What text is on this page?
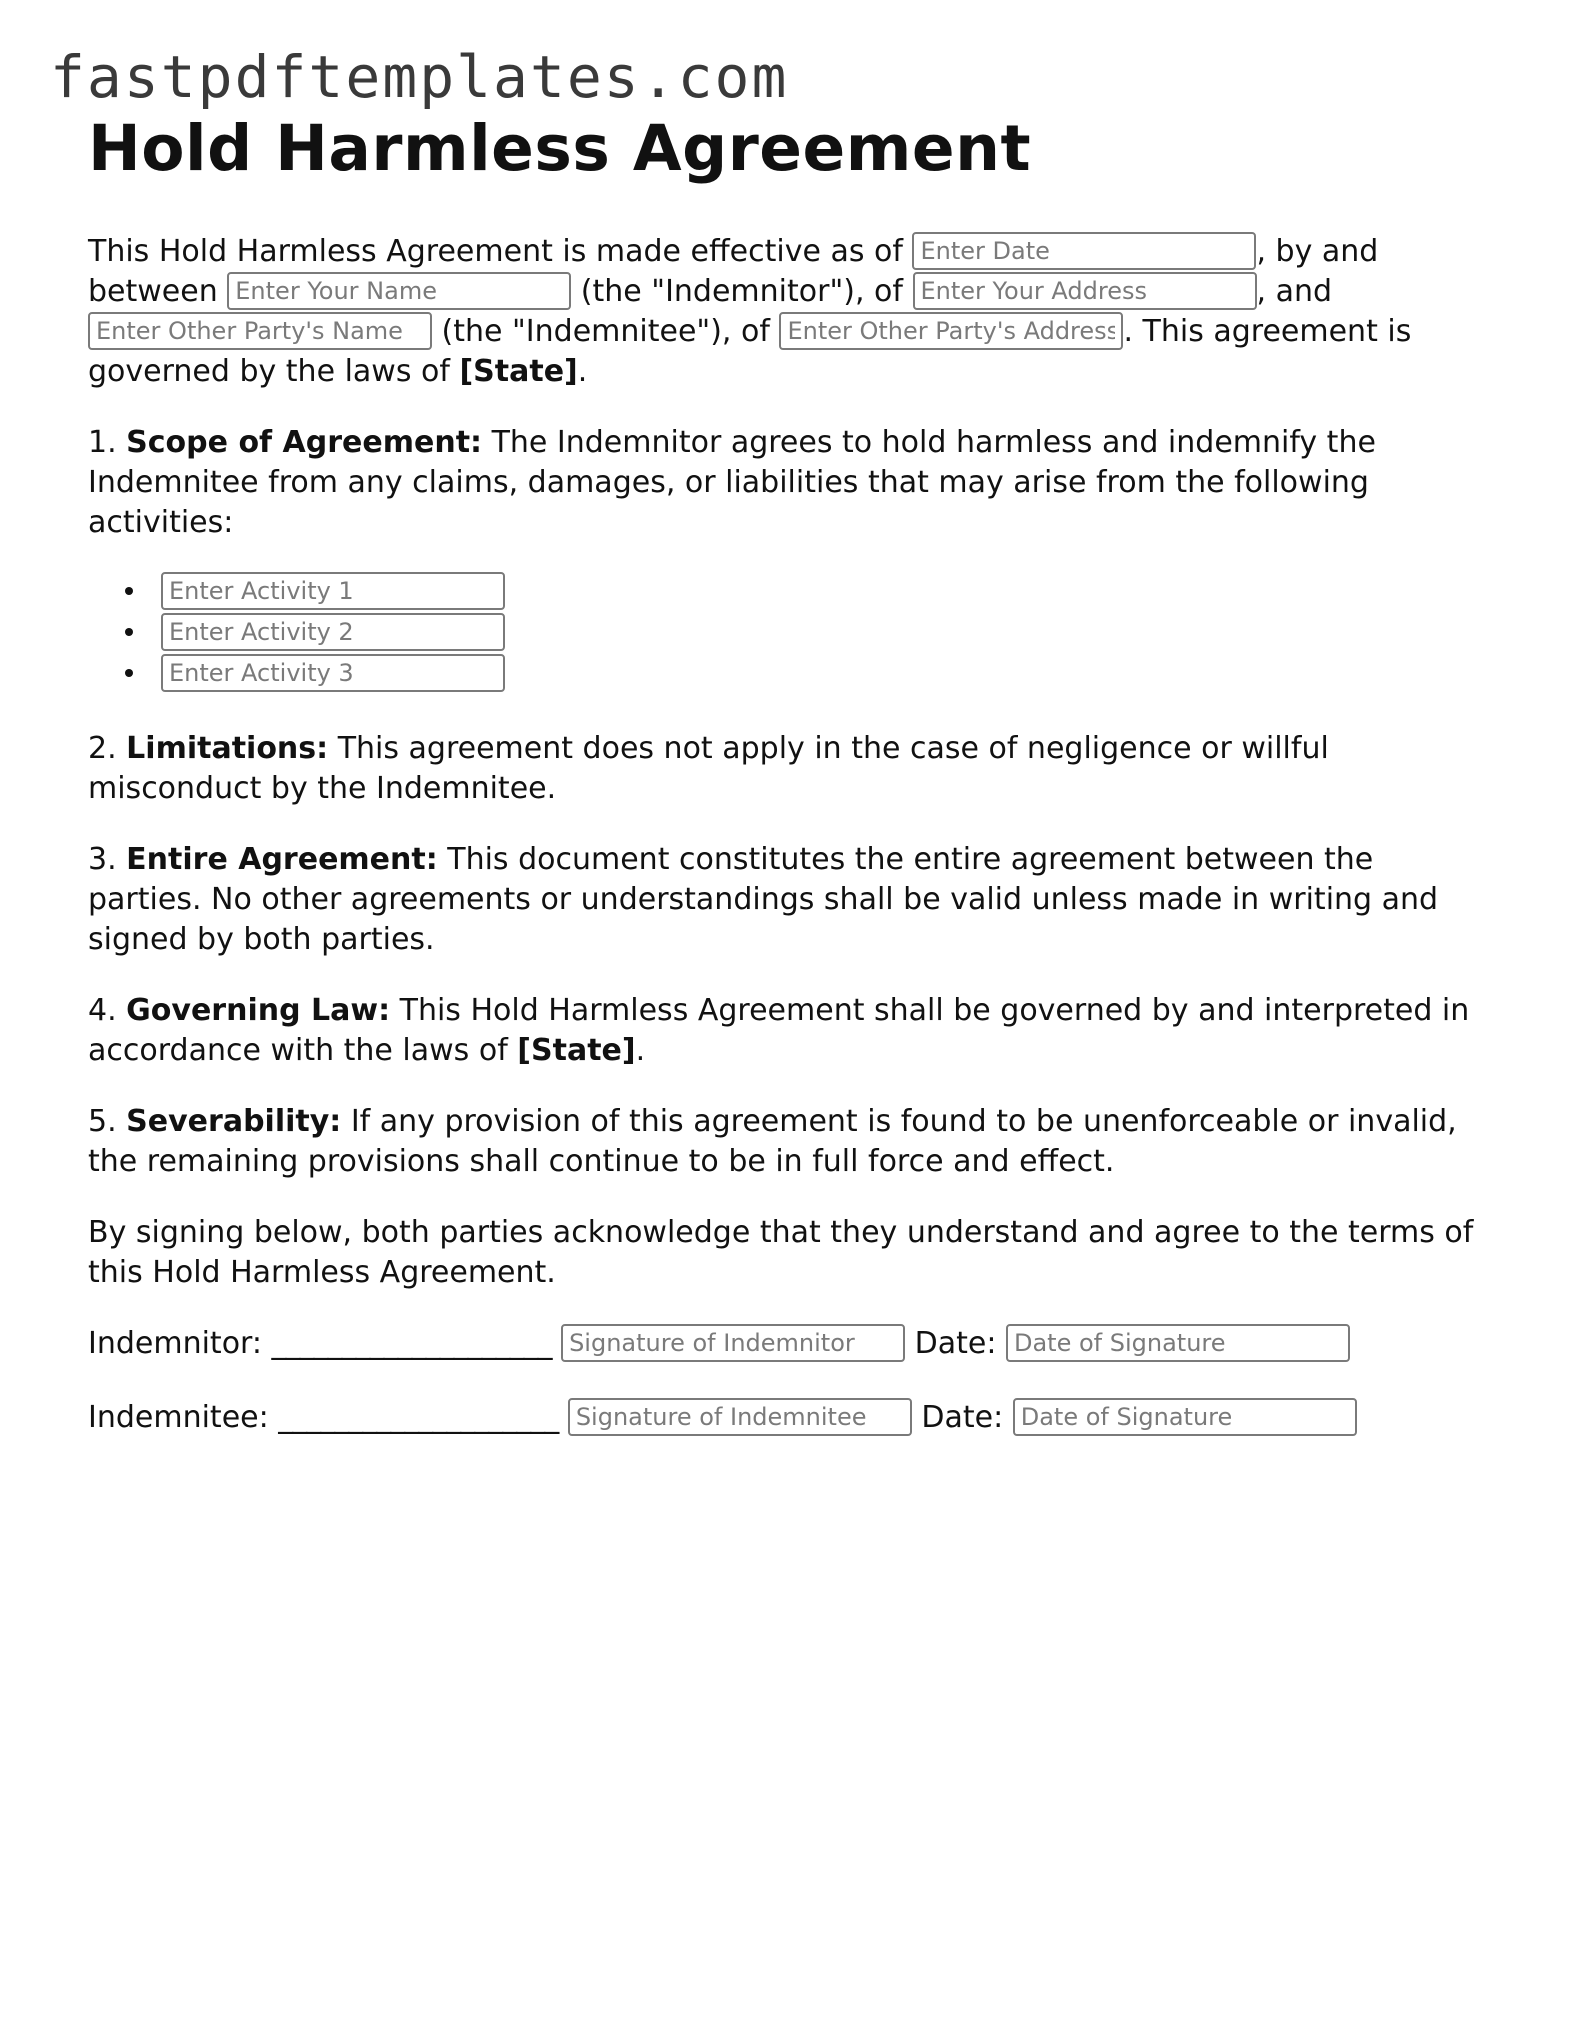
fastpdftemplates.com
Hold Harmless Agreement

This Hold Harmless Agreement is made effective as of Enter Date	, by and between Enter Your Name	(the "Indemnitor"), of Enter Your Address	, and Enter Other Party's Name (the "Indemnitee"), of Enter Other Party's Address	. This agreement is governed by the laws of [State].

1. Scope of Agreement: The Indemnitor agrees to hold harmless and indemnify the Indemnitee from any claims, damages, or liabilities that may arise from the following activities:

Enter Activity 1
Enter Activity 2
Enter Activity 3

2. Limitations: This agreement does not apply in the case of negligence or willful misconduct by the Indemnitee.

3. Entire Agreement: This document constitutes the entire agreement between the parties. No other agreements or understandings shall be valid unless made in writing and signed by both parties.

4. Governing Law: This Hold Harmless Agreement shall be governed by and interpreted in accordance with the laws of [State].

5. Severability: If any provision of this agreement is found to be unenforceable or invalid, the remaining provisions shall continue to be in full force and effect.

By signing below, both parties acknowledge that they understand and agree to the terms of this Hold Harmless Agreement.

Indemnitor: ____________________ Signature of Indemnitor	Date: Date of Signature
Indemnitee: ____________________ Signature of Indemnitee	Date: Date of Signature
